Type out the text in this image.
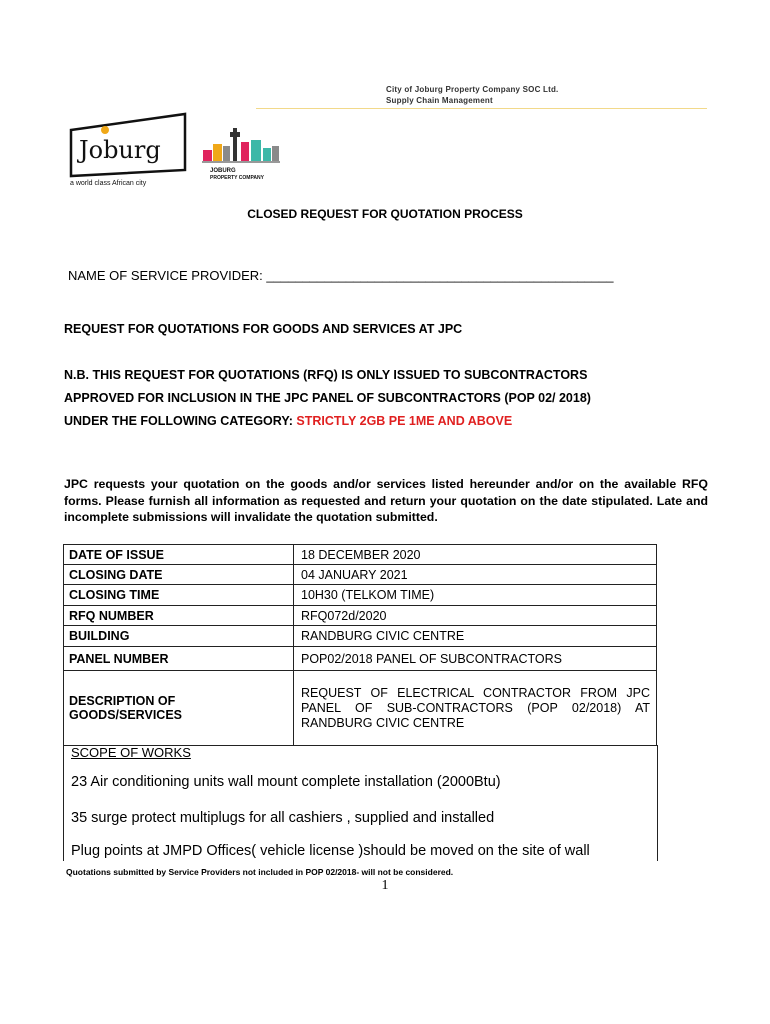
City of Joburg Property Company SOC Ltd.
Supply Chain Management
Joburg
a world class African city
JOBURG
PROPERTY COMPANY
CLOSED REQUEST FOR QUOTATION PROCESS
NAME OF SERVICE PROVIDER: ________________________________________________
REQUEST FOR QUOTATIONS FOR GOODS AND SERVICES AT JPC
N.B. THIS REQUEST FOR QUOTATIONS (RFQ) IS ONLY ISSUED TO SUBCONTRACTORS
APPROVED FOR INCLUSION IN THE JPC PANEL OF SUBCONTRACTORS (POP 02/ 2018)
UNDER THE FOLLOWING CATEGORY: STRICTLY 2GB PE 1ME AND ABOVE
JPC requests your quotation on the goods and/or services listed hereunder and/or on the available RFQ forms. Please furnish all information as requested and return your quotation on the date stipulated. Late and incomplete submissions will invalidate the quotation submitted.
DATE OF ISSUE	18 DECEMBER 2020
CLOSING DATE	04 JANUARY 2021
CLOSING TIME	10H30 (TELKOM TIME)
RFQ NUMBER	RFQ072d/2020
BUILDING	RANDBURG CIVIC CENTRE
PANEL NUMBER	POP02/2018 PANEL OF SUBCONTRACTORS

DESCRIPTION OF
GOODS/SERVICES	REQUEST OF ELECTRICAL CONTRACTOR FROM JPC PANEL OF SUB-CONTRACTORS (POP 02/2018) AT RANDBURG CIVIC CENTRE
SCOPE OF WORKS
23 Air conditioning units wall mount complete installation (2000Btu)
35 surge protect multiplugs for all cashiers , supplied and installed
Plug points at JMPD Offices( vehicle license )should be moved on the site of wall
Quotations submitted by Service Providers not included in POP 02/2018- will not be considered.
1
